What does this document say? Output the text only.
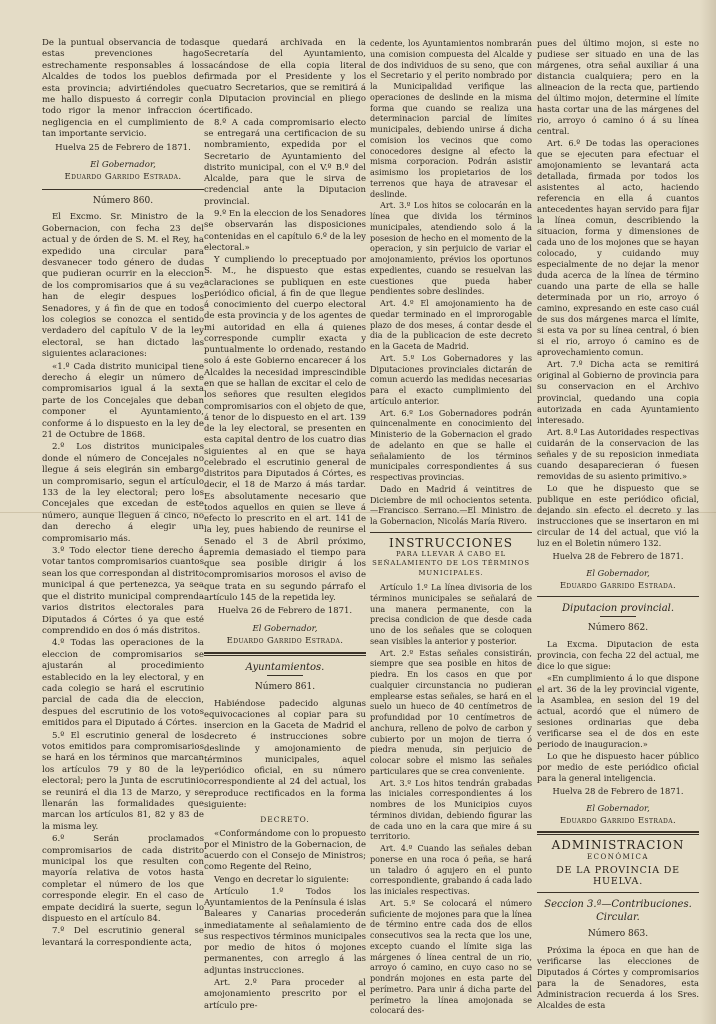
De la puntual observancia de todas estas prevenciones hago estrechamente responsables á los Alcaldes de todos los pueblos de esta provincia; advirtiéndoles que me hallo dispuesto á corregir con todo rigor la menor infraccion ó negligencia en el cumplimiento de tan importante servicio.

Huelva 25 de Febrero de 1871.

El Gobernador,

Eduardo Garrido Estrada.

Número 860.

El Excmo. Sr. Ministro de la Gobernacion, con fecha 23 del actual y de órden de S. M. el Rey, ha expedido una circular para desvanecer todo género de dudas que pudieran ocurrir en la eleccion de los compromisarios que á su vez han de elegir despues los Senadores, y á fin de que en todos los colegios se conozca el sentido verdadero del capítulo V de la ley electoral, se han dictado las siguientes aclaraciones:

«1.º Cada distrito municipal tiene derecho á elegir un número de compromisarios igual á la sexta parte de los Concejales que deban componer el Ayuntamiento, conforme á lo dispuesto en la ley de 21 de Octubre de 1868.

2.º Los distritos municipales donde el número de Concejales no llegue á seis elegirán sin embargo un compromisario, segun el artículo 133 de la ley electoral; pero los Concejales que excedan de este número, aunque lleguen á cinco, no dan derecho á elegir un compromisario más.

3.º Todo elector tiene derecho á votar tantos compromisarios cuantos sean los que correspondan al distrito municipal á que pertenezca, ya sea que el distrito municipal comprenda varios distritos electorales para Diputados á Córtes ó ya que esté comprendido en dos ó más distritos.

4.º Todas las operaciones de la eleccion de compromisarios se ajustarán al procedimiento establecido en la ley electoral, y en cada colegio se hará el escrutinio parcial de cada dia de eleccion, despues del escrutinio de los votos emitidos para el Diputado á Córtes.

5.º El escrutinio general de los votos emitidos para compromisarios se hará en los términos que marcan los artículos 79 y 80 de la ley electoral; pero la Junta de escrutinio se reunirá el dia 13 de Marzo, y se llenarán las formalidades que marcan los artículos 81, 82 y 83 de la misma ley.

6.º Serán proclamados compromisarios de cada distrito municipal los que resulten con mayoría relativa de votos hasta completar el número de los que corresponde elegir. En el caso de empate decidirá la suerte, segun lo dispuesto en el artículo 84.

7.º Del escrutinio general se levantará la correspondiente acta,

que quedará archivada en la Secretaría del Ayuntamiento, sacándose de ella copia literal firmada por el Presidente y los cuatro Secretarios, que se remitirá á la Diputacion provincial en pliego certificado.

8.º A cada compromisario electo se entregará una certificacion de su nombramiento, expedida por el Secretario de Ayuntamiento del distrito municipal, con el V.º B.º del Alcalde, para que le sirva de credencial ante la Diputacion provincial.

9.º En la eleccion de los Senadores se observarán las disposiciones contenidas en el capítulo 6.º de la ley electoral.»

Y cumpliendo lo preceptuado por S. M., he dispuesto que estas aclaraciones se publiquen en este periódico oficial, á fin de que llegue á conocimiento del cuerpo electoral de esta provincia y de los agentes de mi autoridad en ella á quienes corresponde cumplir exacta y puntualmente lo ordenado, restando solo á este Gobierno encarecer á los Alcaldes la necesidad imprescindible en que se hallan de excitar el celo de los señores que resulten elegidos compromisarios con el objeto de que, á tenor de lo dispuesto en el art. 139 de la ley electoral, se presenten en esta capital dentro de los cuatro dias siguientes al en que se haya celebrado el escrutinio general de distritos para Diputados á Córtes, es decir, el 18 de Marzo á más tardar. Es absolutamente necesario que todos aquellos en quien se lleve á efecto lo prescrito en el art. 141 de la ley, pues habiendo de reunirse el Senado el 3 de Abril próximo, apremia demasiado el tiempo para que sea posible dirigir á los compromisarios morosos el aviso de que trata en su segundo párrafo el artículo 145 de la repetida ley.

Huelva 26 de Febrero de 1871.

El Gobernador,

Eduardo Garrido Estrada.

Ayuntamientos.

Número 861.

Habiéndose padecido algunas equivocaciones al copiar para su insercion en la Gaceta de Madrid el decreto é instrucciones sobre deslinde y amojonamiento de términos municipales, aquel periódico oficial, en su número correspondiente al 24 del actual, los reproduce rectificados en la forma siguiente:

DECRETO.

«Conformándome con lo propuesto por el Ministro de la Gobernacion, de acuerdo con el Consejo de Ministros; como Regente del Reino,

Vengo en decretar lo siguiente:

Artículo 1.º Todos los Ayuntamientos de la Península é islas Baleares y Canarias procederán inmediatamente al señalamiento de sus respectivos términos municipales por medio de hitos ó mojones permanentes, con arreglo á las adjuntas instrucciones.

Art. 2.º Para proceder al amojonamiento prescrito por el artículo pre-

cedente, los Ayuntamientos nombrarán una comision compuesta del Alcalde y de dos individuos de su seno, que con el Secretario y el perito nombrado por la Municipalidad verifique las operaciones de deslinde en la misma forma que cuando se realiza una determinacion parcial de límites municipales, debiendo unirse á dicha comision los vecinos que como conocedores designe al efecto la misma corporacion. Podrán asistir asimismo los propietarios de los terrenos que haya de atravesar el deslinde.

Art. 3.º Los hitos se colocarán en la línea que divida los términos municipales, atendiendo solo á la posesion de hecho en el momento de la operacion, y sin perjuicio de variar el amojonamiento, prévios los oportunos expedientes, cuando se resuelvan las cuestiones que pueda haber pendientes sobre deslindes.

Art. 4.º El amojonamiento ha de quedar terminado en el improrogable plazo de dos meses, á contar desde el dia de la publicacion de este decreto en la Gaceta de Madrid.

Art. 5.º Los Gobernadores y las Diputaciones provinciales dictarán de comun acuerdo las medidas necesarias para el exacto cumplimiento del artículo anterior.

Art. 6.º Los Gobernadores podrán quincenalmente en conocimiento del Ministerio de la Gobernacion el grado de adelanto en que se halle el señalamiento de los términos municipales correspondientes á sus respectivas provincias.

Dado en Madrid á veintitres de Diciembre de mil ochocientos setenta.—Francisco Serrano.—El Ministro de la Gobernacion, Nicolás María Rivero.

INSTRUCCIONES

PARA LLEVAR Á CABO EL SEÑALAMIENTO DE LOS TÉRMINOS MUNICIPALES.

Artículo 1.º La línea divisoria de los términos municipales se señalará de una manera permanente, con la precisa condicion de que desde cada uno de los señales que se coloquen sean visibles la anterior y posterior.

Art. 2.º Estas señales consistirán, siempre que sea posible en hitos de piedra. En los casos en que por cualquier circunstancia no pudieran emplearse estas señales, se hará en el suelo un hueco de 40 centímetros de profundidad por 10 centímetros de anchura, relleno de polvo de carbon y cubierto por un mojon de tierra ó piedra menuda, sin perjuicio de colocar sobre el mismo las señales particulares que se crea conveniente.

Art. 3.º Los hitos tendrán grabadas las iniciales correspondientes á los nombres de los Municipios cuyos términos dividan, debiendo figurar las de cada uno en la cara que mire á su territorio.

Art. 4.º Cuando las señales deban ponerse en una roca ó peña, se hará un taladro ó agujero en el punto correspondiente, grabando á cada lado las iniciales respectivas.

Art. 5.º Se colocará el número suficiente de mojones para que la línea de término entre cada dos de ellos consecutivos sea la recta que los une, excepto cuando el límite siga las márgenes ó línea central de un rio, arroyo ó camino, en cuyo caso no se pondrán mojones en esta parte del perímetro. Para unir á dicha parte del perímetro la línea amojonada se colocará des-

pues del último mojon, si este no pudiese ser situado en una de las márgenes, otra señal auxiliar á una distancia cualquiera; pero en la alineacion de la recta que, partiendo del último mojon, determine el límite hasta cortar una de las márgenes del rio, arroyo ó camino ó á su línea central.

Art. 6.º De todas las operaciones que se ejecuten para efectuar el amojonamiento se levantará acta detallada, firmada por todos los asistentes al acto, haciendo referencia en ella á cuantos antecedentes hayan servido para fijar la línea comun, describiendo la situacion, forma y dimensiones de cada uno de los mojones que se hayan colocado, y cuidando muy especialmente de no dejar la menor duda acerca de la línea de término cuando una parte de ella se halle determinada por un rio, arroyo ó camino, expresando en este caso cuál de sus dos márgenes marca el límite, si esta va por su línea central, ó bien si el rio, arroyo ó camino es de aprovechamiento comun.

Art. 7.º Dicha acta se remitirá original al Gobierno de provincia para su conservacion en el Archivo provincial, quedando una copia autorizada en cada Ayuntamiento interesado.

Art. 8.º Las Autoridades respectivas cuidarán de la conservacion de las señales y de su reposicion inmediata cuando desaparecieran ó fuesen removidas de su asiento primitivo.»

Lo que he dispuesto que se publique en este periódico oficial, dejando sin efecto el decreto y las instrucciones que se insertaron en mi circular de 14 del actual, que vió la luz en el Boletin número 132.

Huelva 28 de Febrero de 1871.

El Gobernador,

Eduardo Garrido Estrada.

Diputacion provincial.

Número 862.

La Excma. Diputacion de esta provincia, con fecha 22 del actual, me dice lo que sigue:

«En cumplimiento á lo que dispone el art. 36 de la ley provincial vigente, la Asamblea, en sesion del 19 del actual, acordó que el número de sesiones ordinarias que deba verificarse sea el de dos en este periodo de inauguracion.»

Lo que he dispuesto hacer público por medio de este periódico oficial para la general inteligencia.

Huelva 28 de Febrero de 1871.

El Gobernador,

Eduardo Garrido Estrada.

ADMINISTRACION

ECONÓMICA

DE LA PROVINCIA DE HUELVA.

Seccion 3.ª—Contribuciones.

Circular.

Número 863.

Próxima la época en que han de verificarse las elecciones de Diputados á Córtes y compromisarios para la de Senadores, esta Administracion recuerda á los Sres. Alcaldes de esta
